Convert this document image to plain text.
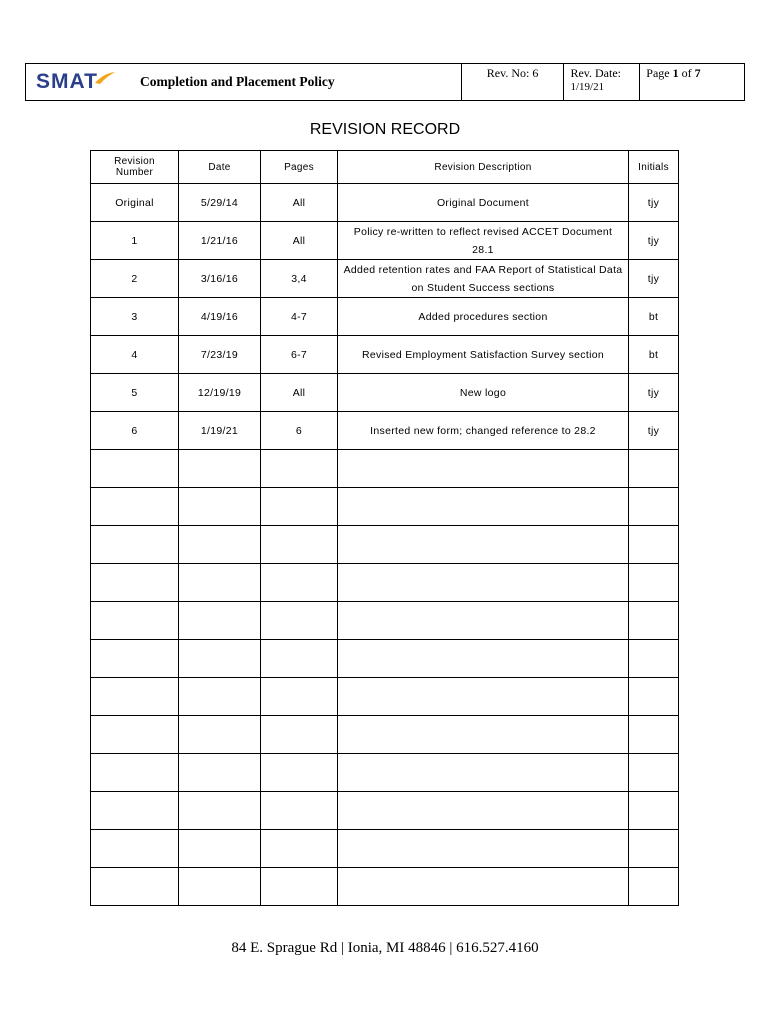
SMAT	Completion and Placement Policy
Rev. No: 6	Rev. Date:
1/19/21
Page 1 of 7
REVISION RECORD
Revision
Number	Date	Pages	Revision Description	Initials
Original	5/29/14	All	Original Document	tjy
1	1/21/16	All	Policy re-written to reflect revised ACCET Document 28.1	tjy
2	3/16/16	3,4	Added retention rates and FAA Report of Statistical Data on Student Success sections	tjy
3	4/19/16	4-7	Added procedures section	bt
4	7/23/19	6-7	Revised Employment Satisfaction Survey section	bt
5	12/19/19	All	New logo	tjy
6	1/19/21	6	Inserted new form; changed reference to 28.2	tjy

84 E. Sprague Rd | Ionia, MI 48846 | 616.527.4160
